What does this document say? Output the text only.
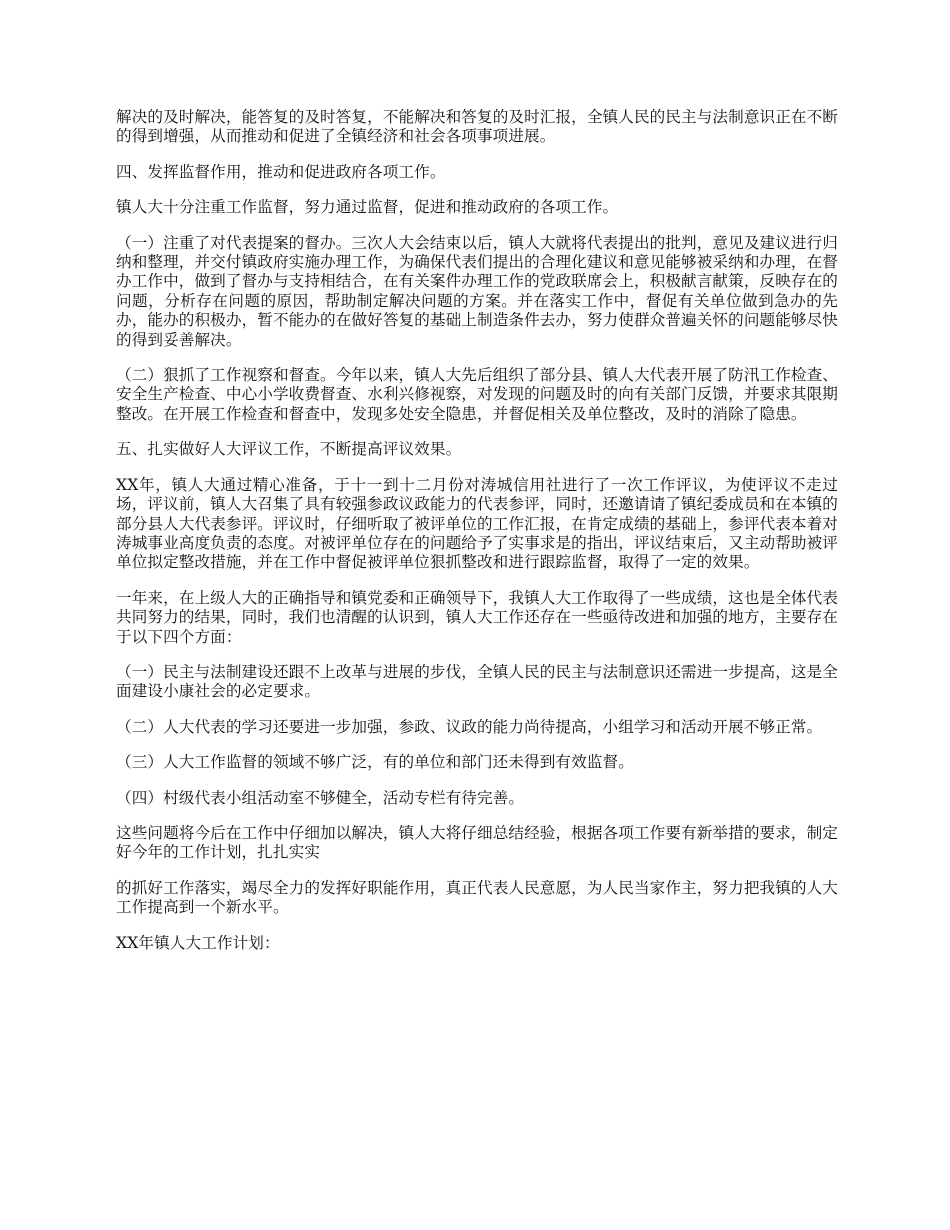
解决的及时解决，能答复的及时答复，不能解决和答复的及时汇报，全镇人民的民主与法制意识正在不断的得到增强，从而推动和促进了全镇经济和社会各项事项进展。

四、发挥监督作用，推动和促进政府各项工作。

镇人大十分注重工作监督，努力通过监督，促进和推动政府的各项工作。

（一）注重了对代表提案的督办。三次人大会结束以后，镇人大就将代表提出的批判，意见及建议进行归纳和整理，并交付镇政府实施办理工作，为确保代表们提出的合理化建议和意见能够被采纳和办理，在督办工作中，做到了督办与支持相结合，在有关案件办理工作的党政联席会上，积极献言献策，反映存在的问题，分析存在问题的原因，帮助制定解决问题的方案。并在落实工作中，督促有关单位做到急办的先办，能办的积极办，暂不能办的在做好答复的基础上制造条件去办，努力使群众普遍关怀的问题能够尽快的得到妥善解决。

（二）狠抓了工作视察和督查。今年以来，镇人大先后组织了部分县、镇人大代表开展了防汛工作检查、安全生产检查、中心小学收费督查、水利兴修视察，对发现的问题及时的向有关部门反馈，并要求其限期整改。在开展工作检查和督查中，发现多处安全隐患，并督促相关及单位整改，及时的消除了隐患。

五、扎实做好人大评议工作，不断提高评议效果。

XX年，镇人大通过精心准备，于十一到十二月份对涛城信用社进行了一次工作评议，为使评议不走过场，评议前，镇人大召集了具有较强参政议政能力的代表参评，同时，还邀请请了镇纪委成员和在本镇的部分县人大代表参评。评议时，仔细听取了被评单位的工作汇报，在肯定成绩的基础上，参评代表本着对涛城事业高度负责的态度。对被评单位存在的问题给予了实事求是的指出，评议结束后，又主动帮助被评单位拟定整改措施，并在工作中督促被评单位狠抓整改和进行跟踪监督，取得了一定的效果。

一年来，在上级人大的正确指导和镇党委和正确领导下，我镇人大工作取得了一些成绩，这也是全体代表共同努力的结果，同时，我们也清醒的认识到，镇人大工作还存在一些亟待改进和加强的地方，主要存在于以下四个方面：

（一）民主与法制建设还跟不上改革与进展的步伐，全镇人民的民主与法制意识还需进一步提高，这是全面建设小康社会的必定要求。

（二）人大代表的学习还要进一步加强，参政、议政的能力尚待提高，小组学习和活动开展不够正常。

（三）人大工作监督的领域不够广泛，有的单位和部门还未得到有效监督。

（四）村级代表小组活动室不够健全，活动专栏有待完善。

这些问题将今后在工作中仔细加以解决，镇人大将仔细总结经验，根据各项工作要有新举措的要求，制定好今年的工作计划，扎扎实实

的抓好工作落实，竭尽全力的发挥好职能作用，真正代表人民意愿，为人民当家作主，努力把我镇的人大工作提高到一个新水平。

XX年镇人大工作计划：
